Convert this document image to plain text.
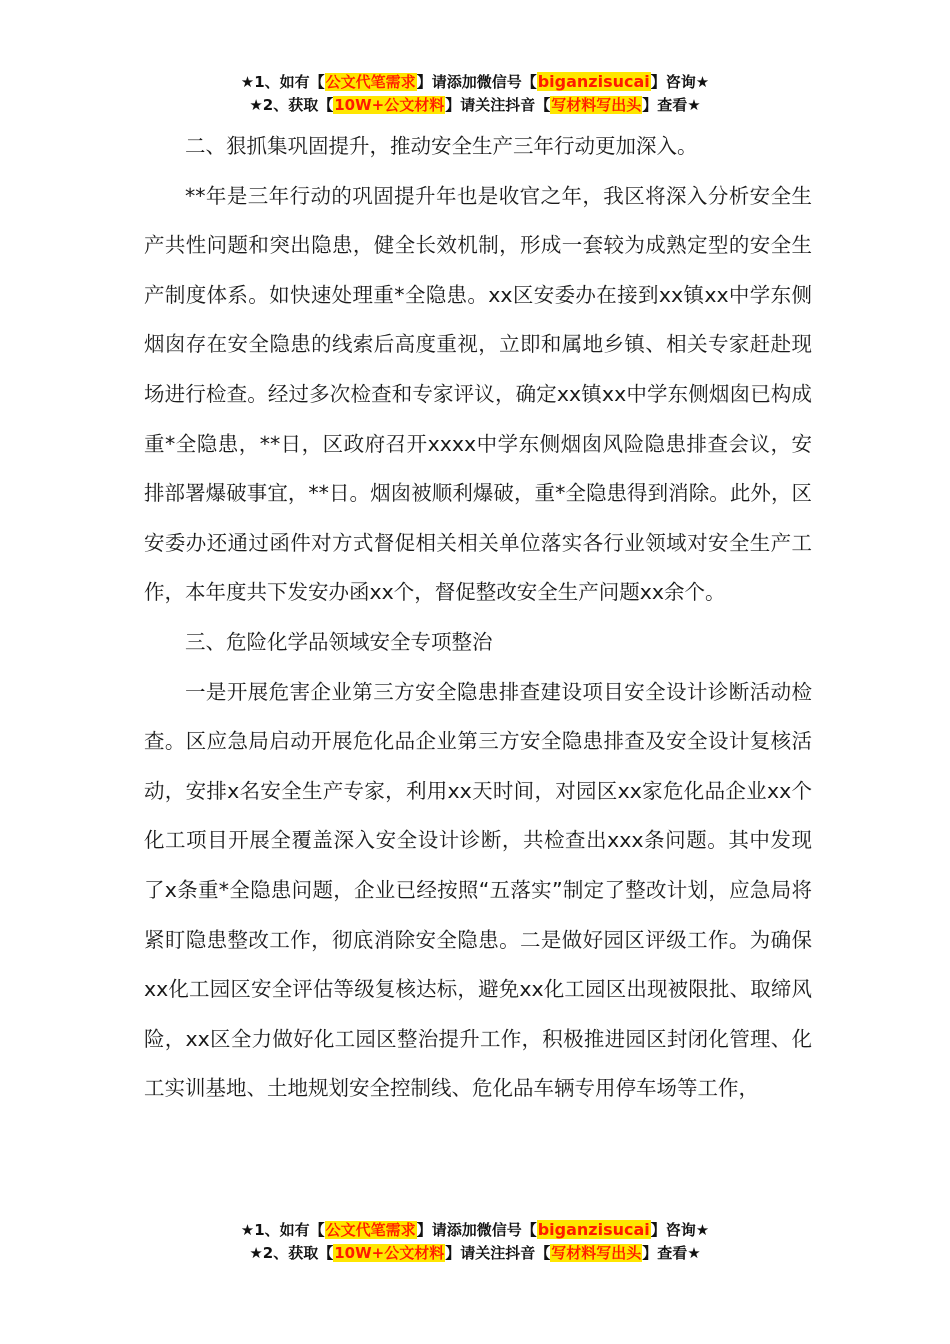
★1、如有【公文代笔需求】请添加微信号【biganzisucai】咨询★
★2、获取【10W+公文材料】请关注抖音【写材料写出头】查看★

二、狠抓集巩固提升，推动安全生产三年行动更加深入。

**年是三年行动的巩固提升年也是收官之年，我区将深入分析安全生产共性问题和突出隐患，健全长效机制，形成一套较为成熟定型的安全生产制度体系。如快速处理重*全隐患。xx区安委办在接到xx镇xx中学东侧烟囱存在安全隐患的线索后高度重视，立即和属地乡镇、相关专家赶赴现场进行检查。经过多次检查和专家评议，确定xx镇xx中学东侧烟囱已构成重*全隐患，**日，区政府召开xxxx中学东侧烟囱风险隐患排查会议，安排部署爆破事宜，**日。烟囱被顺利爆破，重*全隐患得到消除。此外，区安委办还通过函件对方式督促相关相关单位落实各行业领域对安全生产工作，本年度共下发安办函xx个，督促整改安全生产问题xx余个。

三、危险化学品领域安全专项整治

一是开展危害企业第三方安全隐患排查建设项目安全设计诊断活动检查。区应急局启动开展危化品企业第三方安全隐患排查及安全设计复核活动，安排x名安全生产专家，利用xx天时间，对园区xx家危化品企业xx个化工项目开展全覆盖深入安全设计诊断，共检查出xxx条问题。其中发现了x条重*全隐患问题，企业已经按照“五落实”制定了整改计划，应急局将紧盯隐患整改工作，彻底消除安全隐患。二是做好园区评级工作。为确保xx化工园区安全评估等级复核达标，避免xx化工园区出现被限批、取缔风险，xx区全力做好化工园区整治提升工作，积极推进园区封闭化管理、化工实训基地、土地规划安全控制线、危化品车辆专用停车场等工作，

★1、如有【公文代笔需求】请添加微信号【biganzisucai】咨询★
★2、获取【10W+公文材料】请关注抖音【写材料写出头】查看★
